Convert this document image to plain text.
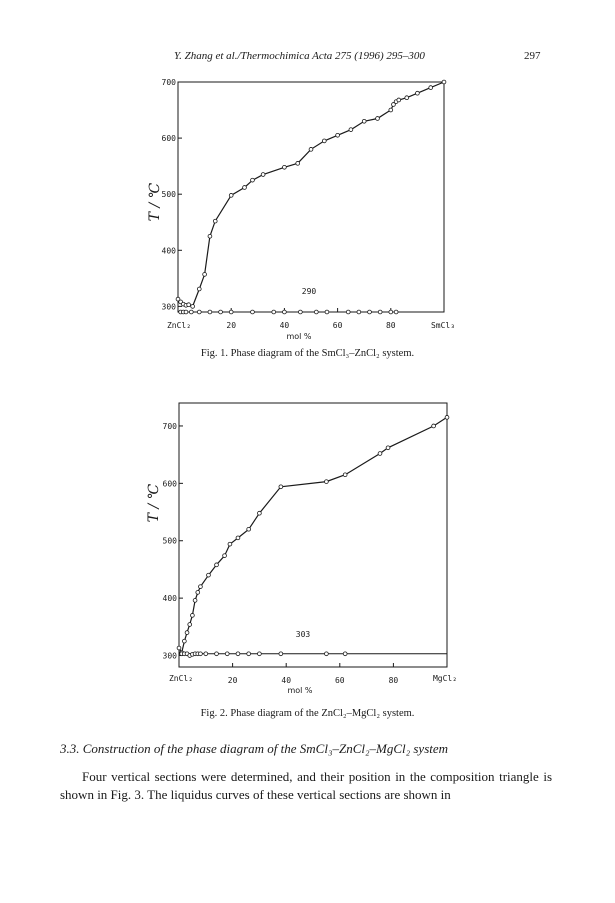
Y. Zhang et al./Thermochimica Acta 275 (1996) 295–300	297
300
400
500
600
700
20	40	60	80
T / ℃
mol %
ZnCl₂	SmCl₃
290
Fig. 1. Phase diagram of the SmCl₃–ZnCl₂ system.
300
400
500
600
700
20	40	60	80
T / ℃
mol %
ZnCl₂	MgCl₂
303
Fig. 2. Phase diagram of the ZnCl₂–MgCl₂ system.
3.3. Construction of the phase diagram of the SmCl₃–ZnCl₂–MgCl₂ system

Four vertical sections were determined, and their position in the composition triangle is shown in Fig. 3. The liquidus curves of these vertical sections are shown in
